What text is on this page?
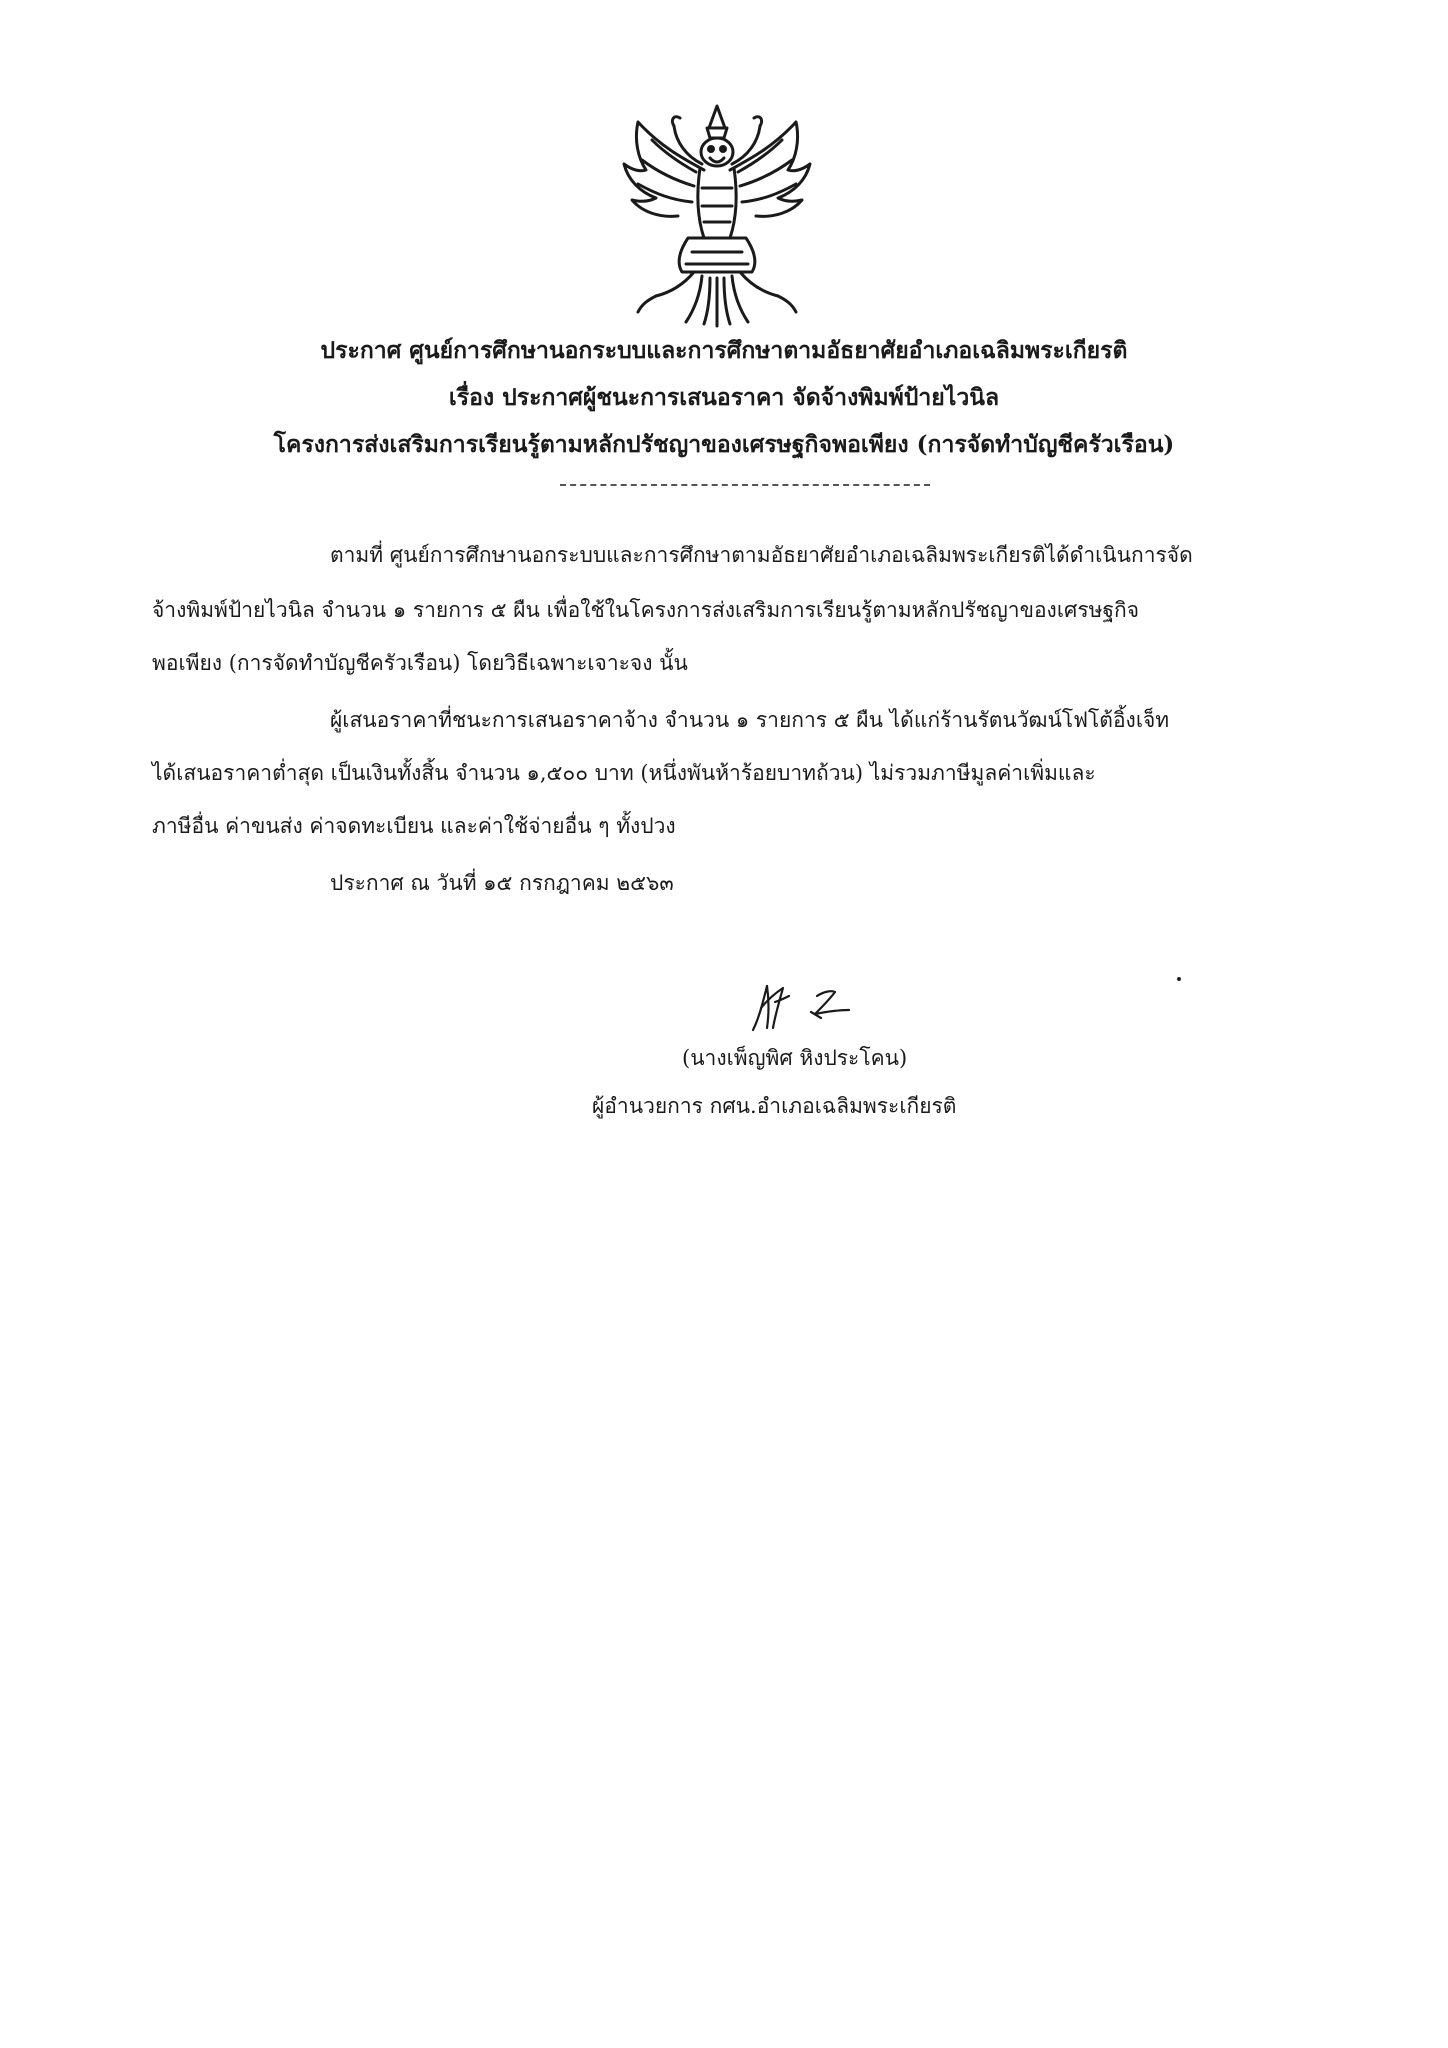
ประกาศ ศูนย์การศึกษานอกระบบและการศึกษาตามอัธยาศัยอำเภอเฉลิมพระเกียรติ
เรื่อง ประกาศผู้ชนะการเสนอราคา จัดจ้างพิมพ์ป้ายไวนิล
โครงการส่งเสริมการเรียนรู้ตามหลักปรัชญาของเศรษฐกิจพอเพียง (การจัดทำบัญชีครัวเรือน)
ตามที่ ศูนย์การศึกษานอกระบบและการศึกษาตามอัธยาศัยอำเภอเฉลิมพระเกียรติได้ดำเนินการจัด
จ้างพิมพ์ป้ายไวนิล จำนวน ๑ รายการ ๕ ผืน เพื่อใช้ในโครงการส่งเสริมการเรียนรู้ตามหลักปรัชญาของเศรษฐกิจ
พอเพียง (การจัดทำบัญชีครัวเรือน) โดยวิธีเฉพาะเจาะจง นั้น
ผู้เสนอราคาที่ชนะการเสนอราคาจ้าง จำนวน ๑ รายการ ๕ ผืน ได้แก่ร้านรัตนวัฒน์โฟโต้อิ้งเจ็ท
ได้เสนอราคาต่ำสุด เป็นเงินทั้งสิ้น จำนวน ๑,๕๐๐ บาท (หนึ่งพันห้าร้อยบาทถ้วน) ไม่รวมภาษีมูลค่าเพิ่มและ
ภาษีอื่น ค่าขนส่ง ค่าจดทะเบียน และค่าใช้จ่ายอื่น ๆ ทั้งปวง
ประกาศ ณ วันที่ ๑๕ กรกฎาคม ๒๕๖๓
(นางเพ็ญพิศ หิงประโคน)
ผู้อำนวยการ กศน.อำเภอเฉลิมพระเกียรติ
